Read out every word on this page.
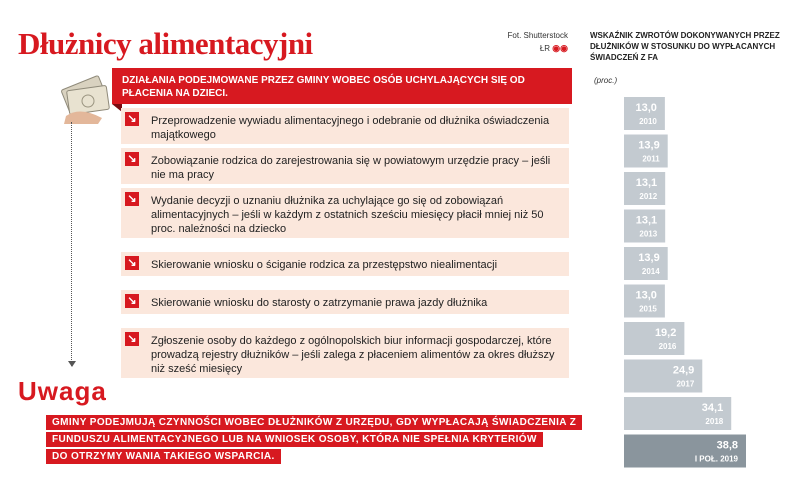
Dłużnicy alimentacyjni	Fot. Shutterstock
ŁR ◉◉
DZIAŁANIA PODEJMOWANE PRZEZ GMINY WOBEC OSÓB UCHYLAJĄCYCH SIĘ OD PŁACENIA NA DZIECI.
↘ Przeprowadzenie wywiadu alimentacyjnego i odebranie od dłużnika oświadczenia majątkowego
↘ Zobowiązanie rodzica do zarejestrowania się w powiatowym urzędzie pracy – jeśli nie ma pracy
↘ Wydanie decyzji o uznaniu dłużnika za uchylające go się od zobowiązań alimentacyjnych – jeśli w każdym z ostatnich sześciu miesięcy płacił mniej niż 50 proc. należności na dziecko
↘ Skierowanie wniosku o ściganie rodzica za przestępstwo niealimentacji
↘ Skierowanie wniosku do starosty o zatrzymanie prawa jazdy dłużnika
↘ Zgłoszenie osoby do każdego z ogólnopolskich biur informacji gospodarczej, które prowadzą rejestry dłużników – jeśli zalega z płaceniem alimentów za okres dłuższy niż sześć miesięcy
Uwaga
GMINY PODEJMUJĄ CZYNNOŚCI WOBEC DŁUŻNIKÓW Z URZĘDU, GDY WYPŁACAJĄ ŚWIADCZENIA Z
FUNDUSZU ALIMENTACYJNEGO LUB NA WNIOSEK OSOBY, KTÓRA NIE SPEŁNIA KRYTERIÓW
DO OTRZYMY WANIA TAKIEGO WSPARCIA.
WSKAŹNIK ZWROTÓW DOKONYWANYCH PRZEZ DŁUŻNIKÓW W STOSUNKU DO WYPŁACANYCH ŚWIADCZEŃ Z FA
(proc.)
13,0
2010
13,9
2011
13,1
2012
13,1
2013
13,9
2014
13,0
2015
19,2
2016
24,9
2017
34,1
2018
38,8
I POŁ. 2019
